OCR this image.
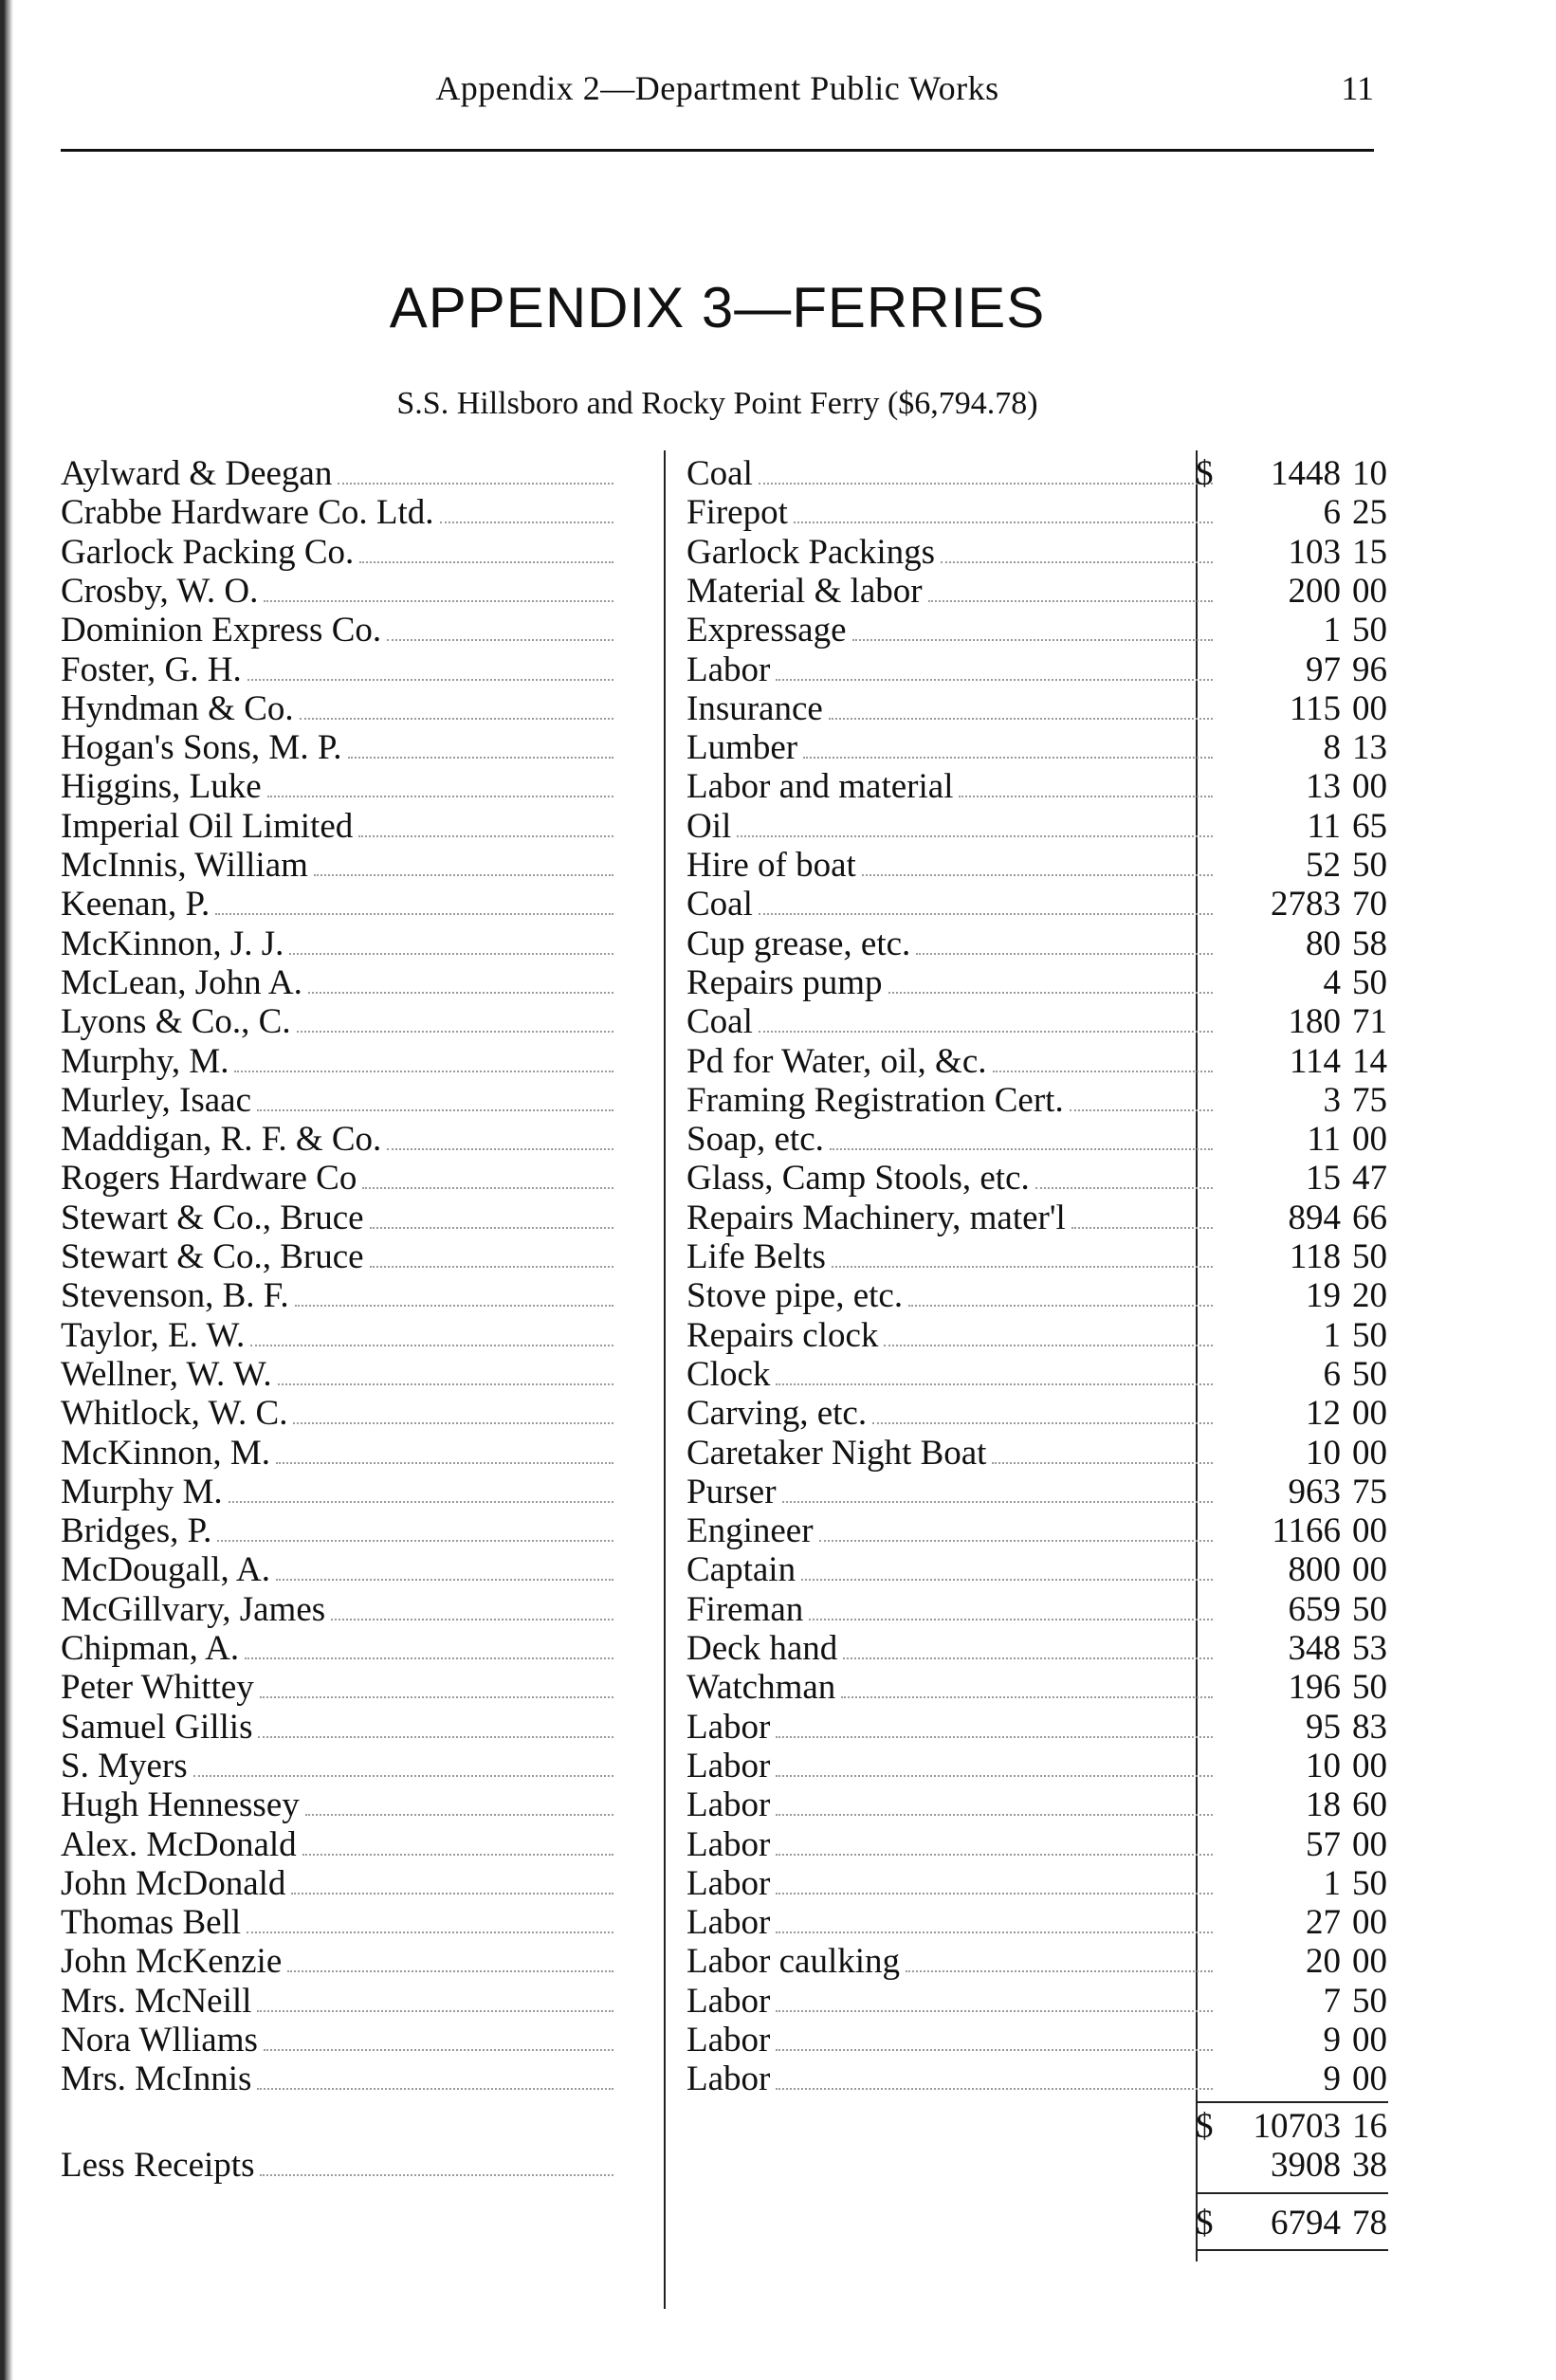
Appendix 2—Department Public Works	11
APPENDIX 3—FERRIES
S.S. Hillsboro and Rocky Point Ferry ($6,794.78)
Aylward & Deegan	Coal	$	1448 10
Crabbe Hardware Co. Ltd.	Firepot	6 25
Garlock Packing Co.	Garlock Packings	103 15
Crosby, W. O.	Material & labor	200 00
Dominion Express Co.	Expressage	1 50
Foster, G. H.	Labor	97 96
Hyndman & Co.	Insurance	115 00
Hogan's Sons, M. P.	Lumber	8 13
Higgins, Luke	Labor and material	13 00
Imperial Oil Limited	Oil	11 65
McInnis, William	Hire of boat	52 50
Keenan, P.	Coal	2783 70
McKinnon, J. J.	Cup grease, etc.	80 58
McLean, John A.	Repairs pump	4 50
Lyons & Co., C.	Coal	180 71
Murphy, M.	Pd for Water, oil, &c.	114 14
Murley, Isaac	Framing Registration Cert.	3 75
Maddigan, R. F. & Co.	Soap, etc.	11 00
Rogers Hardware Co	Glass, Camp Stools, etc.	15 47
Stewart & Co., Bruce	Repairs Machinery, mater'l	894 66
Stewart & Co., Bruce	Life Belts	118 50
Stevenson, B. F.	Stove pipe, etc.	19 20
Taylor, E. W.	Repairs clock	1 50
Wellner, W. W.	Clock	6 50
Whitlock, W. C.	Carving, etc.	12 00
McKinnon, M.	Caretaker Night Boat	10 00
Murphy M.	Purser	963 75
Bridges, P.	Engineer	1166 00
McDougall, A.	Captain	800 00
McGillvary, James	Fireman	659 50
Chipman, A.	Deck hand	348 53
Peter Whittey	Watchman	196 50
Samuel Gillis	Labor	95 83
S. Myers	Labor	10 00
Hugh Hennessey	Labor	18 60
Alex. McDonald	Labor	57 00
John McDonald	Labor	1 50
Thomas Bell	Labor	27 00
John McKenzie	Labor caulking	20 00
Mrs. McNeill	Labor	7 50
Nora Wlliams	Labor	9 00
Mrs. McInnis	Labor	9 00
$	10703 16
Less Receipts	3908 38
$	6794 78
